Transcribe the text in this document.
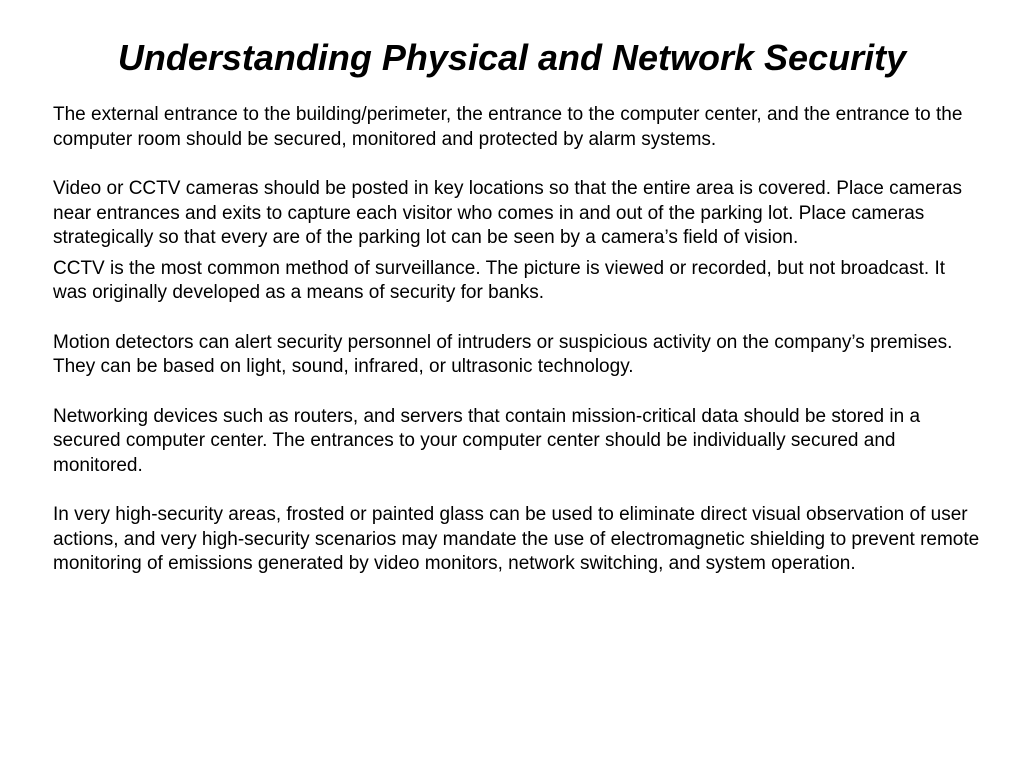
Understanding Physical and Network Security

The external entrance to the building/perimeter, the entrance to the computer center, and the entrance to the computer room should be secured, monitored and protected by alarm systems.

Video or CCTV cameras should be posted in key locations so that the entire area is covered. Place cameras near entrances and exits to capture each visitor who comes in and out of the parking lot. Place cameras strategically so that every are of the parking lot can be seen by a camera’s field of vision.

CCTV is the most common method of surveillance. The picture is viewed or recorded, but not broadcast. It was originally developed as a means of security for banks.

Motion detectors can alert security personnel of intruders or suspicious activity on the company’s premises. They can be based on light, sound, infrared, or ultrasonic technology.

Networking devices such as routers, and servers that contain mission-critical data should be stored in a secured computer center. The entrances to your computer center should be individually secured and monitored.

In very high-security areas, frosted or painted glass can be used to eliminate direct visual observation of user actions, and very high-security scenarios may mandate the use of electromagnetic shielding to prevent remote monitoring of emissions generated by video monitors, network switching, and system operation.
